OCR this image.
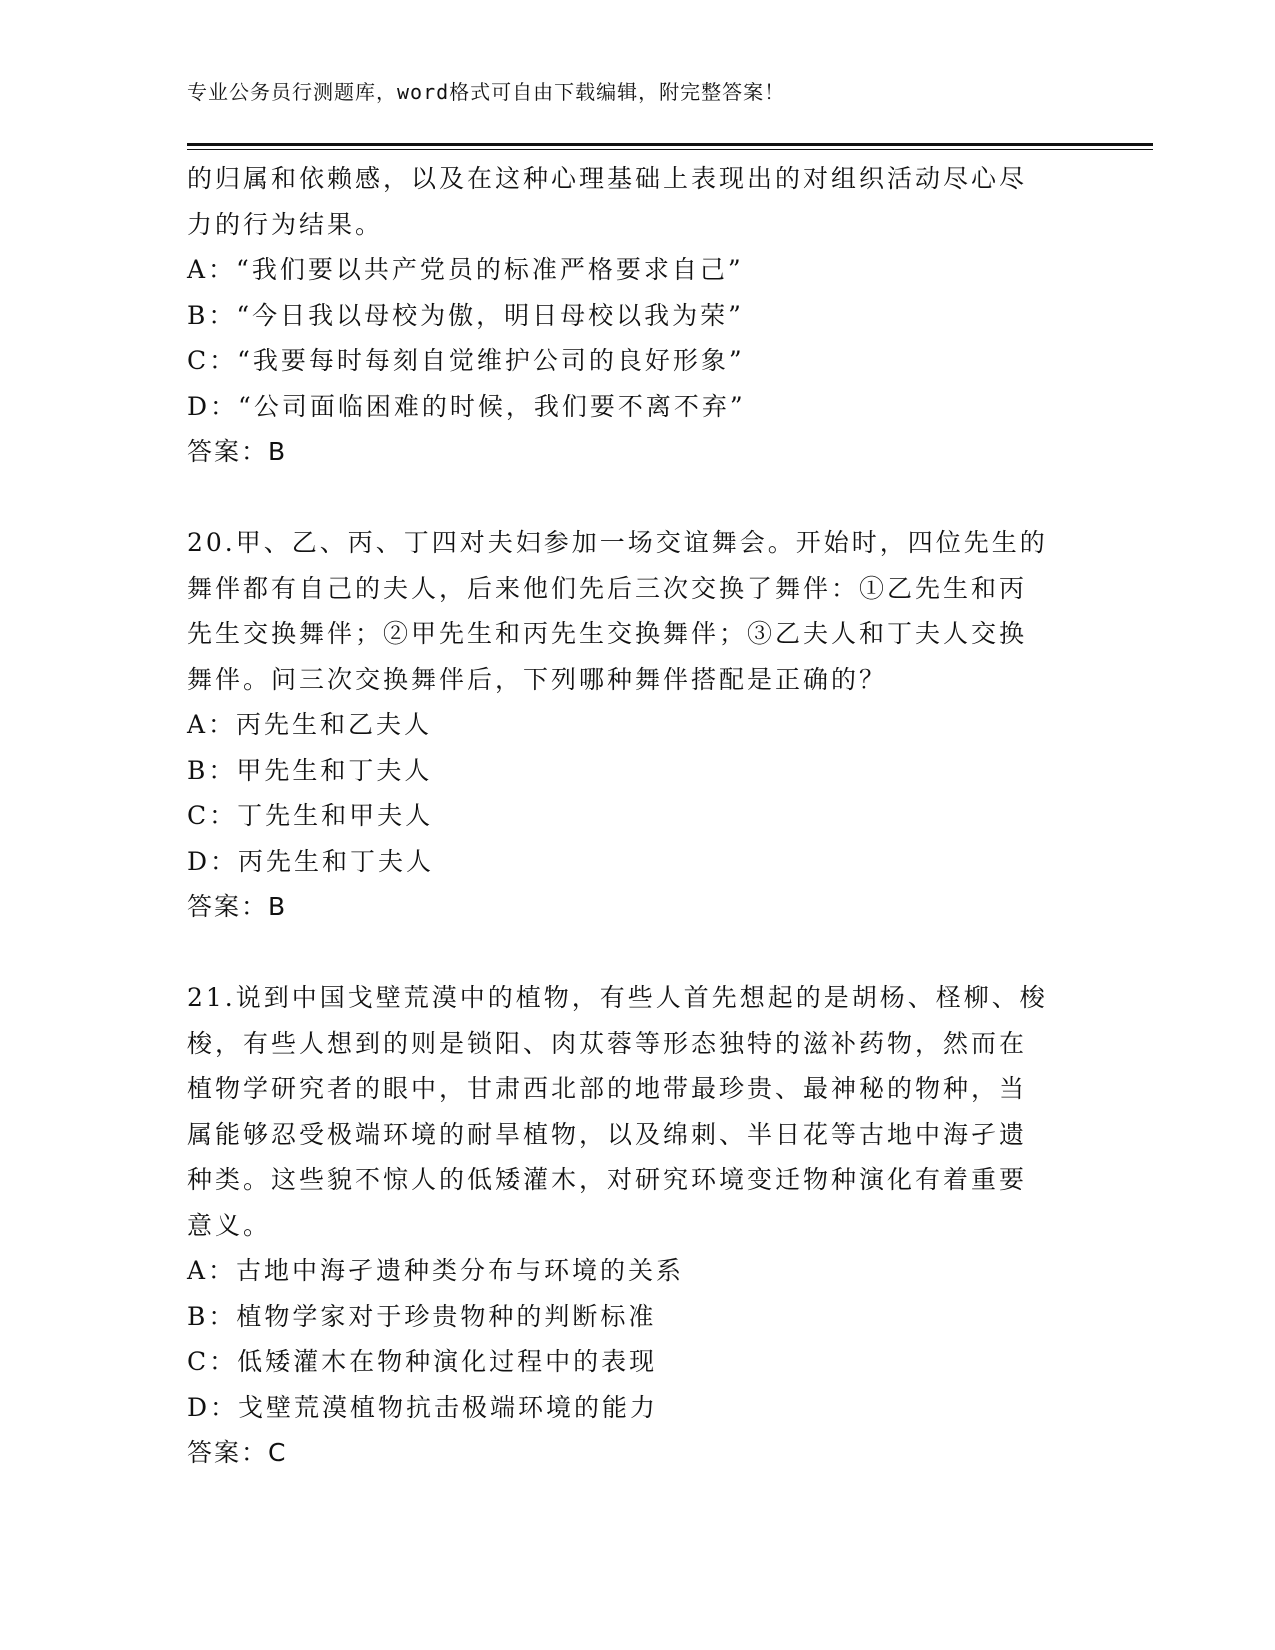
专业公务员行测题库，word格式可自由下载编辑，附完整答案！
的归属和依赖感，以及在这种心理基础上表现出的对组织活动尽心尽
力的行为结果。
A：“我们要以共产党员的标准严格要求自己”
B：“今日我以母校为傲，明日母校以我为荣”
C：“我要每时每刻自觉维护公司的良好形象”
D：“公司面临困难的时候，我们要不离不弃”
答案：B
20.甲、乙、丙、丁四对夫妇参加一场交谊舞会。开始时，四位先生的
舞伴都有自己的夫人，后来他们先后三次交换了舞伴：①乙先生和丙
先生交换舞伴；②甲先生和丙先生交换舞伴；③乙夫人和丁夫人交换
舞伴。问三次交换舞伴后，下列哪种舞伴搭配是正确的？
A：丙先生和乙夫人
B：甲先生和丁夫人
C：丁先生和甲夫人
D：丙先生和丁夫人
答案：B
21.说到中国戈壁荒漠中的植物，有些人首先想起的是胡杨、柽柳、梭
梭，有些人想到的则是锁阳、肉苁蓉等形态独特的滋补药物，然而在
植物学研究者的眼中，甘肃西北部的地带最珍贵、最神秘的物种，当
属能够忍受极端环境的耐旱植物，以及绵刺、半日花等古地中海孑遗
种类。这些貌不惊人的低矮灌木，对研究环境变迁物种演化有着重要
意义。
A：古地中海孑遗种类分布与环境的关系
B：植物学家对于珍贵物种的判断标准
C：低矮灌木在物种演化过程中的表现
D：戈壁荒漠植物抗击极端环境的能力
答案：C
